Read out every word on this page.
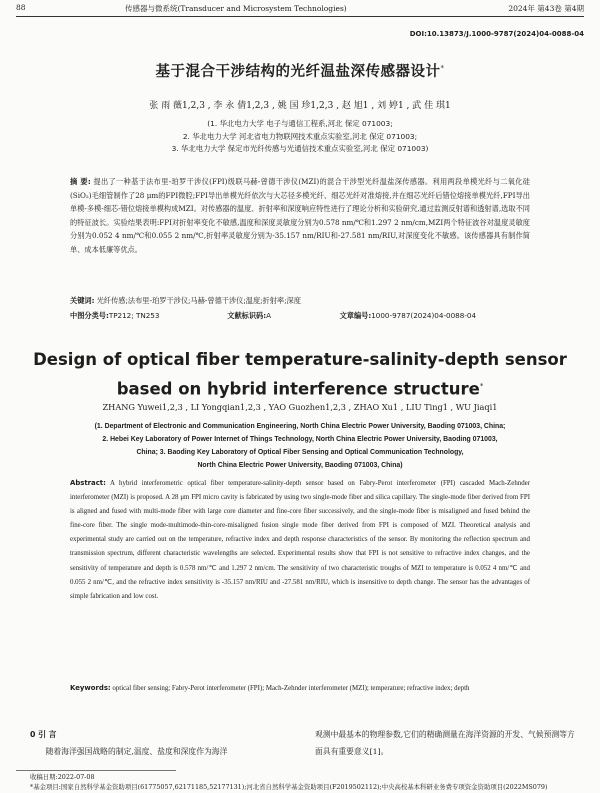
88	传感器与微系统(Transducer and Microsystem Technologies)	2024年 第43卷 第4期
DOI:10.13873/J.1000-9787(2024)04-0088-04
基于混合干涉结构的光纤温盐深传感器设计*
张 雨 薇1,2,3 , 李 永 倩1,2,3 , 姚 国 珍1,2,3 , 赵 旭1 , 刘 婷1 , 武 佳 琪1
(1. 华北电力大学 电子与通信工程系,河北 保定 071003;
2. 华北电力大学 河北省电力物联网技术重点实验室,河北 保定 071003;
3. 华北电力大学 保定市光纤传感与光通信技术重点实验室,河北 保定 071003)
摘 要: 提出了一种基于法布里-珀罗干涉仪(FPI)级联马赫-曾德干涉仪(MZI)的混合干涉型光纤温盐深传感器。利用两段单模光纤与二氧化硅(SiO₂)毛细管制作了28 μm的FPI微腔;FPI导出单模光纤依次与大芯径多模光纤、细芯光纤对准熔接,并在细芯光纤后错位熔接单模光纤,FPI导出单模-多模-细芯-错位熔接单模构成MZI。对传感器的温度、折射率和深度响应特性进行了理论分析和实验研究,通过监测反射谱和透射谱,选取不同的特征波长。实验结果表明:FPI对折射率变化不敏感,温度和深度灵敏度分别为0.578 nm/℃和1.297 2 nm/cm,MZI两个特征波谷对温度灵敏度分别为0.052 4 nm/℃和0.055 2 nm/℃,折射率灵敏度分别为-35.157 nm/RIU和-27.581 nm/RIU,对深度变化不敏感。该传感器具有制作简单、成本低廉等优点。
关键词: 光纤传感;法布里-珀罗干涉仪;马赫-曾德干涉仪;温度;折射率;深度
中图分类号:TP212; TN253	文献标识码:A	文章编号:1000-9787(2024)04-0088-04
Design of optical fiber temperature-salinity-depth sensor
based on hybrid interference structure*
ZHANG Yuwei1,2,3 , LI Yongqian1,2,3 , YAO Guozhen1,2,3 , ZHAO Xu1 , LIU Ting1 , WU Jiaqi1
(1. Department of Electronic and Communication Engineering, North China Electric Power University, Baoding 071003, China;
2. Hebei Key Laboratory of Power Internet of Things Technology, North China Electric Power University, Baoding 071003,
China; 3. Baoding Key Laboratory of Optical Fiber Sensing and Optical Communication Technology,
North China Electric Power University, Baoding 071003, China)
Abstract: A hybrid interferometric optical fiber temperature-salinity-depth sensor based on Fabry-Perot interferometer (FPI) cascaded Mach-Zehnder interferometer (MZI) is proposed. A 28 μm FPI micro cavity is fabricated by using two single-mode fiber and silica capillary. The single-mode fiber derived from FPI is aligned and fused with multi-mode fiber with large core diameter and fine-core fiber successively, and the single-mode fiber is misaligned and fused behind the fine-core fiber. The single mode-multimode-thin-core-misaligned fusion single mode fiber derived from FPI is composed of MZI. Theoretical analysis and experimental study are carried out on the temperature, refractive index and depth response characteristics of the sensor. By monitoring the reflection spectrum and transmission spectrum, different characteristic wavelengths are selected. Experimental results show that FPI is not sensitive to refractive index changes, and the sensitivity of temperature and depth is 0.578 nm/℃ and 1.297 2 nm/cm. The sensitivity of two characteristic troughs of MZI to temperature is 0.052 4 nm/℃ and 0.055 2 nm/℃, and the refractive index sensitivity is -35.157 nm/RIU and -27.581 nm/RIU, which is insensitive to depth change. The sensor has the advantages of simple fabrication and low cost.
Keywords: optical fiber sensing; Fabry-Perot interferometer (FPI); Mach-Zehnder interferometer (MZI); temperature; refractive index; depth
0 引 言
随着海洋强国战略的制定,温度、盐度和深度作为海洋
观测中最基本的物理参数,它们的精确测量在海洋资源的开发、气候预测等方面具有重要意义[1]。
收稿日期:2022-07-08
*基金项目:国家自然科学基金资助项目(61775057,62171185,52177131);河北省自然科学基金资助项目(F2019502112);中央高校基本科研业务费专项资金资助项目(2022MS079)
